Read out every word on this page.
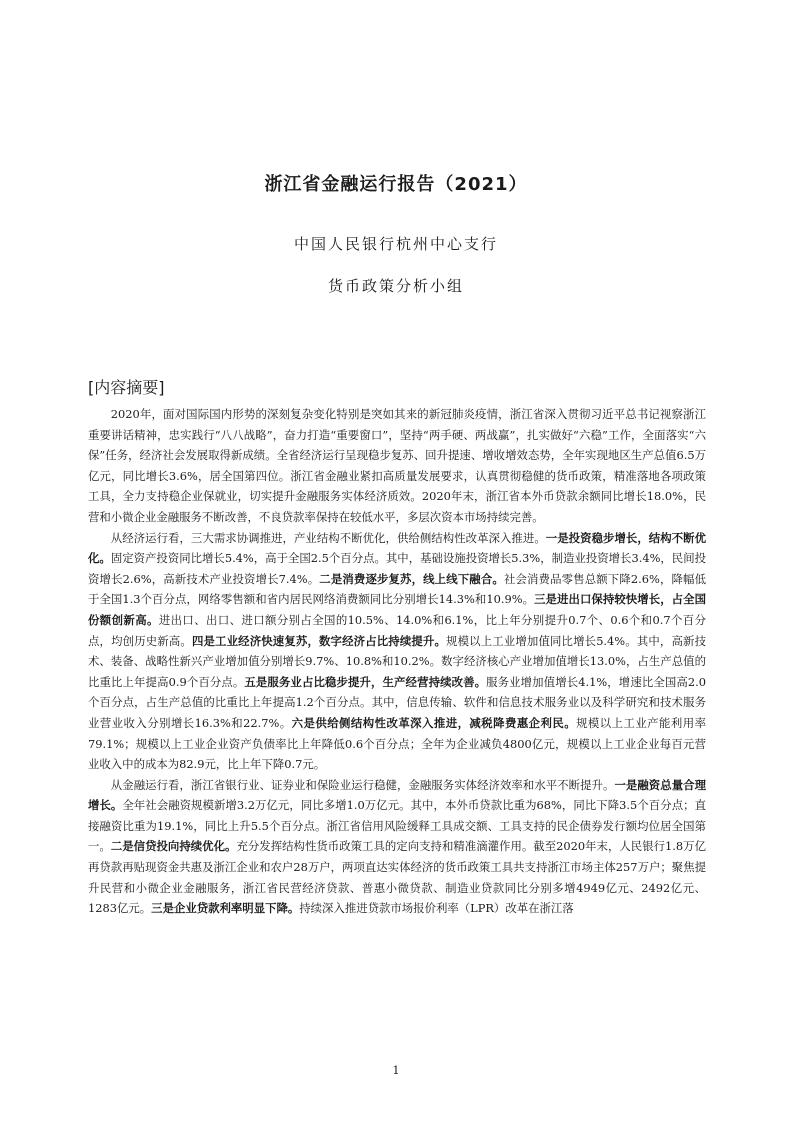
浙江省金融运行报告（2021）
中国人民银行杭州中心支行
货币政策分析小组
[内容摘要]

2020年，面对国际国内形势的深刻复杂变化特别是突如其来的新冠肺炎疫情，浙江省深入贯彻习近平总书记视察浙江重要讲话精神，忠实践行“八八战略”，奋力打造“重要窗口”，坚持“两手硬、两战赢”，扎实做好“六稳”工作，全面落实“六保”任务，经济社会发展取得新成绩。全省经济运行呈现稳步复苏、回升提速、增收增效态势，全年实现地区生产总值6.5万亿元，同比增长3.6%，居全国第四位。浙江省金融业紧扣高质量发展要求，认真贯彻稳健的货币政策，精准落地各项政策工具，全力支持稳企业保就业，切实提升金融服务实体经济质效。2020年末，浙江省本外币贷款余额同比增长18.0%，民营和小微企业金融服务不断改善，不良贷款率保持在较低水平，多层次资本市场持续完善。

从经济运行看，三大需求协调推进，产业结构不断优化，供给侧结构性改革深入推进。一是投资稳步增长，结构不断优化。固定资产投资同比增长5.4%，高于全国2.5个百分点。其中，基础设施投资增长5.3%，制造业投资增长3.4%，民间投资增长2.6%，高新技术产业投资增长7.4%。二是消费逐步复苏，线上线下融合。社会消费品零售总额下降2.6%，降幅低于全国1.3个百分点，网络零售额和省内居民网络消费额同比分别增长14.3%和10.9%。三是进出口保持较快增长，占全国份额创新高。进出口、出口、进口额分别占全国的10.5%、14.0%和6.1%，比上年分别提升0.7个、0.6个和0.7个百分点，均创历史新高。四是工业经济快速复苏，数字经济占比持续提升。规模以上工业增加值同比增长5.4%。其中，高新技术、装备、战略性新兴产业增加值分别增长9.7%、10.8%和10.2%。数字经济核心产业增加值增长13.0%，占生产总值的比重比上年提高0.9个百分点。五是服务业占比稳步提升，生产经营持续改善。服务业增加值增长4.1%，增速比全国高2.0个百分点，占生产总值的比重比上年提高1.2个百分点。其中，信息传输、软件和信息技术服务业以及科学研究和技术服务业营业收入分别增长16.3%和22.7%。六是供给侧结构性改革深入推进，减税降费惠企利民。规模以上工业产能利用率79.1%；规模以上工业企业资产负债率比上年降低0.6个百分点；全年为企业减负4800亿元，规模以上工业企业每百元营业收入中的成本为82.9元，比上年下降0.7元。

从金融运行看，浙江省银行业、证券业和保险业运行稳健，金融服务实体经济效率和水平不断提升。一是融资总量合理增长。全年社会融资规模新增3.2万亿元，同比多增1.0万亿元。其中，本外币贷款比重为68%，同比下降3.5个百分点；直接融资比重为19.1%，同比上升5.5个百分点。浙江省信用风险缓释工具成交额、工具支持的民企债券发行额均位居全国第一。二是信贷投向持续优化。充分发挥结构性货币政策工具的定向支持和精准滴灌作用。截至2020年末，人民银行1.8万亿再贷款再贴现资金共惠及浙江企业和农户28万户，两项直达实体经济的货币政策工具共支持浙江市场主体257万户；聚焦提升民营和小微企业金融服务，浙江省民营经济贷款、普惠小微贷款、制造业贷款同比分别多增4949亿元、2492亿元、1283亿元。三是企业贷款利率明显下降。持续深入推进贷款市场报价利率（LPR）改革在浙江落

1
